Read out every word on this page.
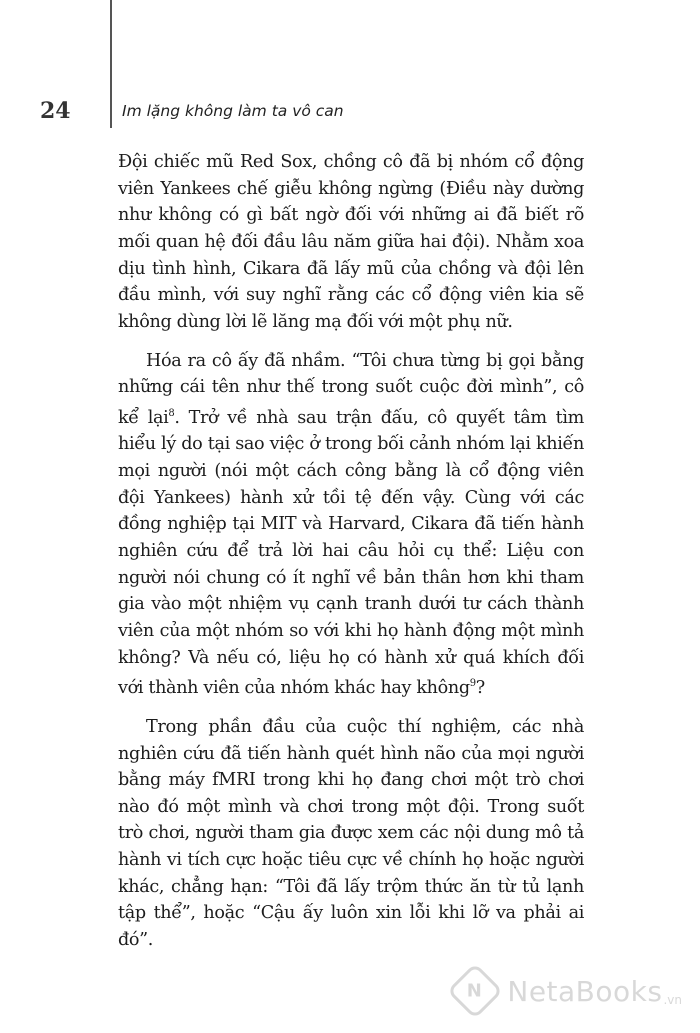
24	Im lặng không làm ta vô can

Đội chiếc mũ Red Sox, chồng cô đã bị nhóm cổ động viên Yankees chế giễu không ngừng (Điều này dường như không có gì bất ngờ đối với những ai đã biết rõ mối quan hệ đối đầu lâu năm giữa hai đội). Nhằm xoa dịu tình hình, Cikara đã lấy mũ của chồng và đội lên đầu mình, với suy nghĩ rằng các cổ động viên kia sẽ không dùng lời lẽ lăng mạ đối với một phụ nữ.

Hóa ra cô ấy đã nhầm. “Tôi chưa từng bị gọi bằng những cái tên như thế trong suốt cuộc đời mình”, cô kể lại$^8$. Trở về nhà sau trận đấu, cô quyết tâm tìm hiểu lý do tại sao việc ở trong bối cảnh nhóm lại khiến mọi người (nói một cách công bằng là cổ động viên đội Yankees) hành xử tồi tệ đến vậy. Cùng với các đồng nghiệp tại MIT và Harvard, Cikara đã tiến hành nghiên cứu để trả lời hai câu hỏi cụ thể: Liệu con người nói chung có ít nghĩ về bản thân hơn khi tham gia vào một nhiệm vụ cạnh tranh dưới tư cách thành viên của một nhóm so với khi họ hành động một mình không? Và nếu có, liệu họ có hành xử quá khích đối với thành viên của nhóm khác hay không$^9$?

Trong phần đầu của cuộc thí nghiệm, các nhà nghiên cứu đã tiến hành quét hình não của mọi người bằng máy fMRI trong khi họ đang chơi một trò chơi nào đó một mình và chơi trong một đội. Trong suốt trò chơi, người tham gia được xem các nội dung mô tả hành vi tích cực hoặc tiêu cực về chính họ hoặc người khác, chẳng hạn: “Tôi đã lấy trộm thức ăn từ tủ lạnh tập thể”, hoặc “Cậu ấy luôn xin lỗi khi lỡ va phải ai đó”.

N NetaBooks .vn
